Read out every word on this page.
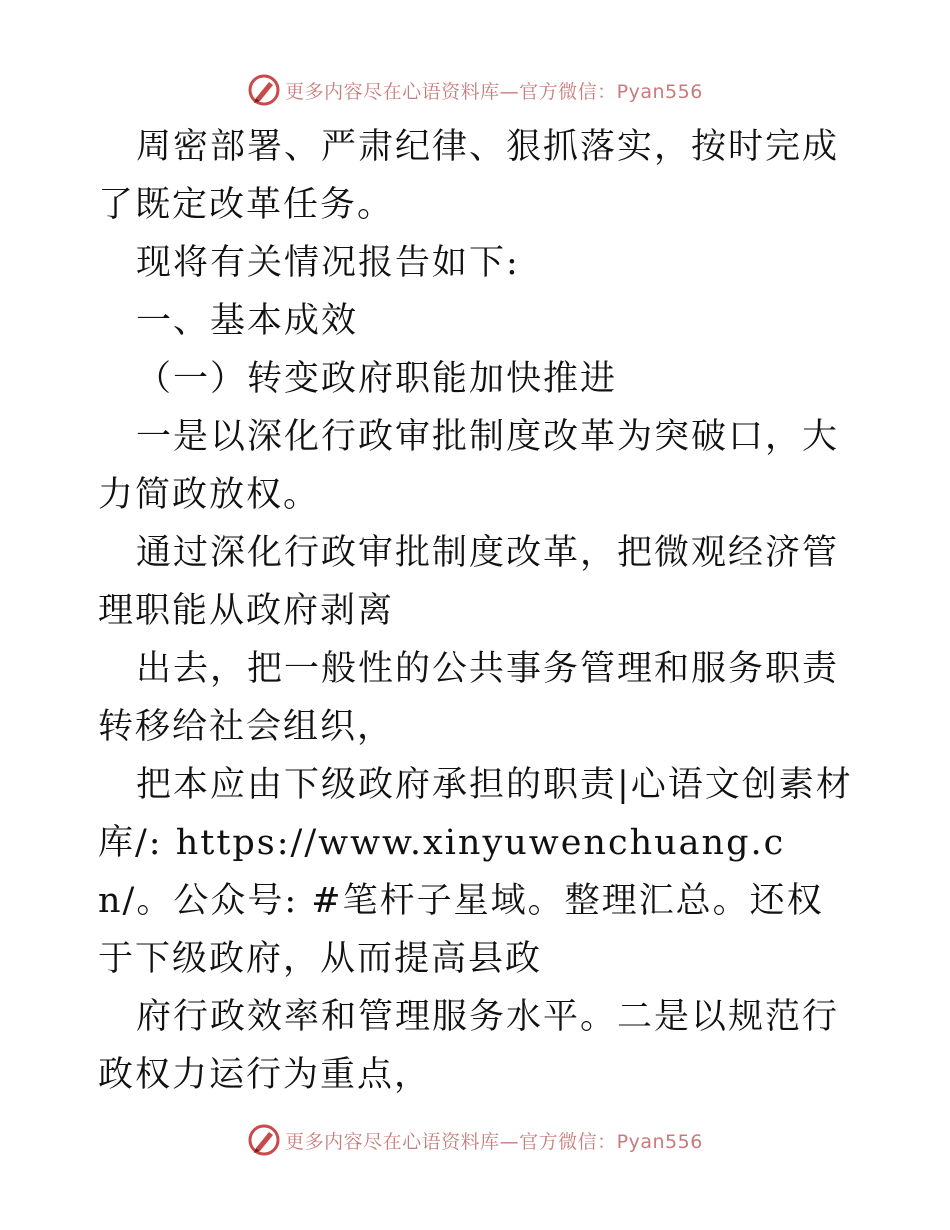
更多内容尽在心语资料库—官方微信：Pyan556

周密部署、严肃纪律、狠抓落实，按时完成了既定改革任务。

现将有关情况报告如下:

一、基本成效

（一）转变政府职能加快推进

一是以深化行政审批制度改革为突破口，大力简政放权。

通过深化行政审批制度改革，把微观经济管理职能从政府剥离

出去，把一般性的公共事务管理和服务职责转移给社会组织，

把本应由下级政府承担的职责|心语文创素材库/: https://www.xinyuwenchuang.cn/。公众号: #笔杆子星域。整理汇总。还权于下级政府，从而提高县政

府行政效率和管理服务水平。二是以规范行政权力运行为重点，

更多内容尽在心语资料库—官方微信：Pyan556
